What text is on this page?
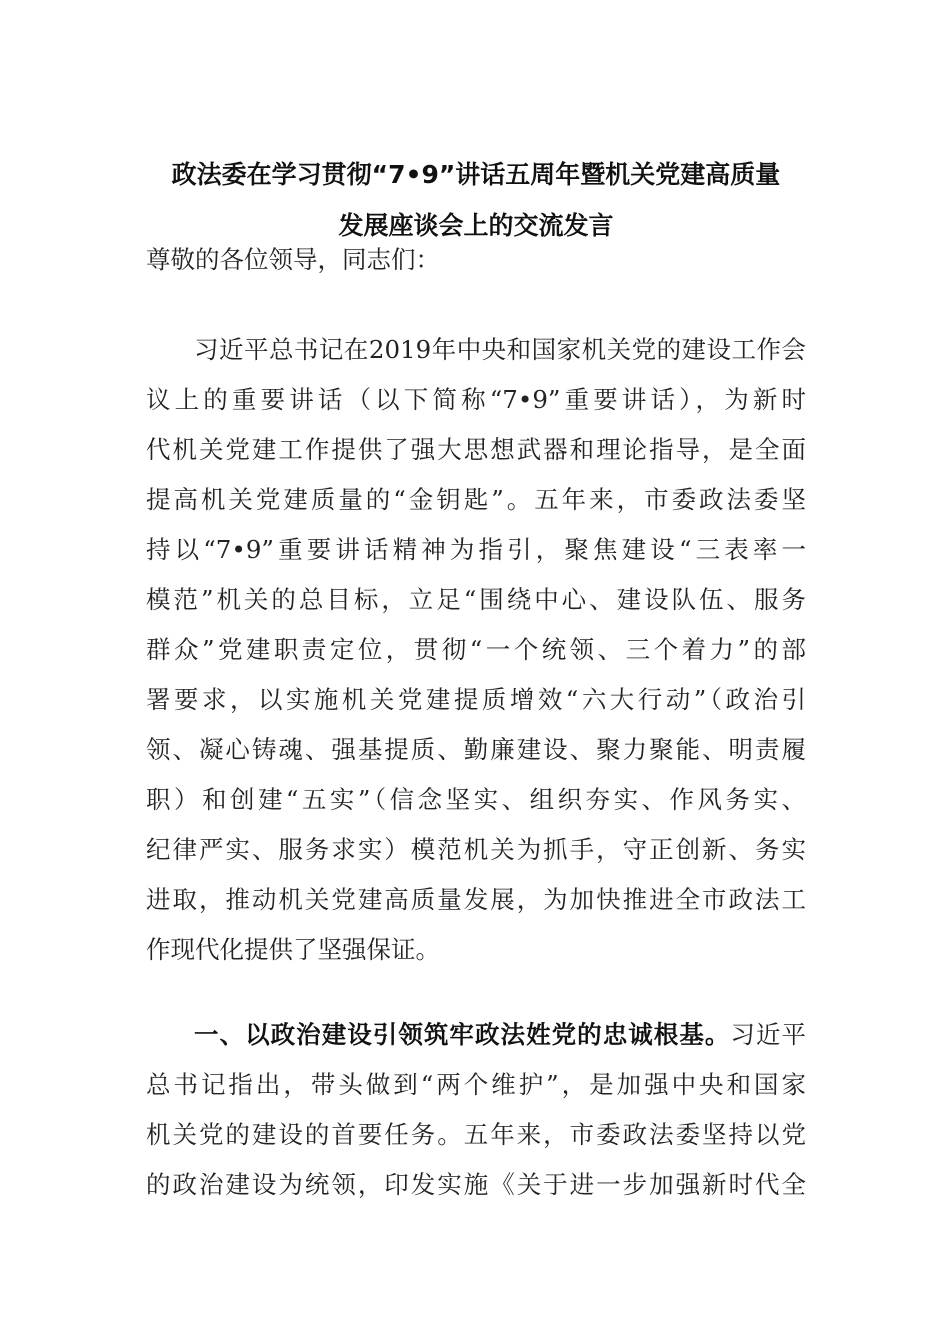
政法委在学习贯彻“7•9”讲话五周年暨机关党建高质量
发展座谈会上的交流发言
尊敬的各位领导，同志们：
习近平总书记在2019年中央和国家机关党的建设工作会
议上的重要讲话（以下简称“7•9”重要讲话），为新时
代机关党建工作提供了强大思想武器和理论指导，是全面
提高机关党建质量的“金钥匙”。五年来，市委政法委坚
持以“7•9”重要讲话精神为指引，聚焦建设“三表率一
模范”机关的总目标，立足“围绕中心、建设队伍、服务
群众”党建职责定位，贯彻“一个统领、三个着力”的部
署要求，以实施机关党建提质增效“六大行动”（政治引
领、凝心铸魂、强基提质、勤廉建设、聚力聚能、明责履
职）和创建“五实”（信念坚实、组织夯实、作风务实、
纪律严实、服务求实）模范机关为抓手，守正创新、务实
进取，推动机关党建高质量发展，为加快推进全市政法工
作现代化提供了坚强保证。
一、以政治建设引领筑牢政法姓党的忠诚根基。习近平
总书记指出，带头做到“两个维护”，是加强中央和国家
机关党的建设的首要任务。五年来，市委政法委坚持以党
的政治建设为统领，印发实施《关于进一步加强新时代全
